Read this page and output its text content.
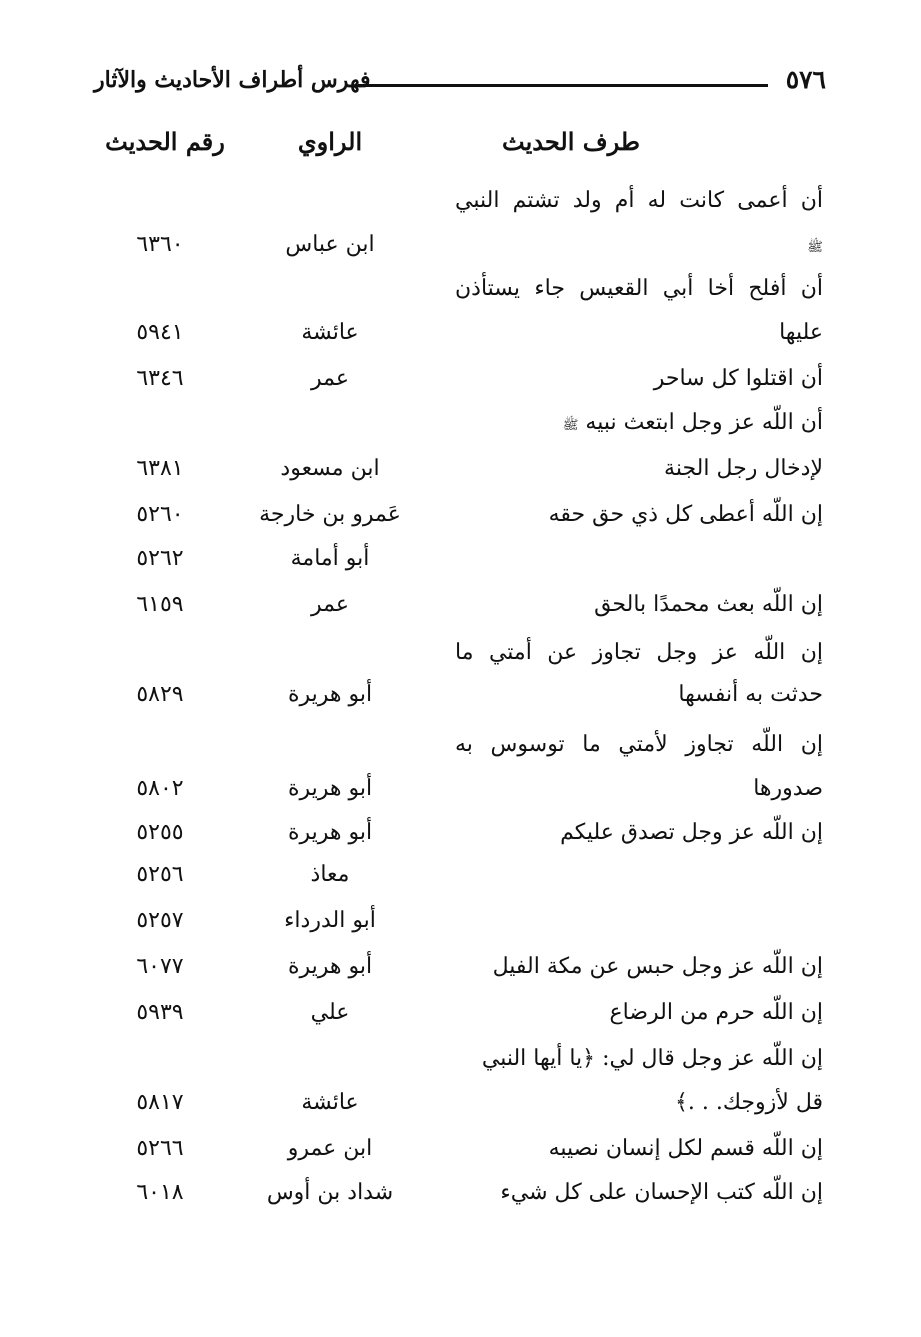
٥٧٦
فهرس أطراف الأحاديث والآثار
طرف الحديث
الراوي
رقم الحديث
أن أعمى كانت له أم ولد تشتم النبي
ﷺ
ابن عباس
٦٣٦٠
أن أفلح أخا أبي القعيس جاء يستأذن
عليها
عائشة
٥٩٤١
أن اقتلوا كل ساحر
عمر
٦٣٤٦
أن اللّه عز وجل ابتعث نبيه ﷺ
لإدخال رجل الجنة
ابن مسعود
٦٣٨١
إن اللّه أعطى كل ذي حق حقه
عَمرو بن خارجة
٥٢٦٠
أبو أمامة
٥٢٦٢
إن اللّه بعث محمدًا بالحق
عمر
٦١٥٩
إن اللّه عز وجل تجاوز عن أمتي ما
حدثت به أنفسها
أبو هريرة
٥٨٢٩
إن اللّه تجاوز لأمتي ما توسوس به
صدورها
أبو هريرة
٥٨٠٢
إن اللّه عز وجل تصدق عليكم
أبو هريرة
٥٢٥٥
معاذ
٥٢٥٦
أبو الدرداء
٥٢٥٧
إن اللّه عز وجل حبس عن مكة الفيل
أبو هريرة
٦٠٧٧
إن اللّه حرم من الرضاع
علي
٥٩٣٩
إن اللّه عز وجل قال لي: ﴿يا أيها النبي
قل لأزوجك. . .﴾
عائشة
٥٨١٧
إن اللّه قسم لكل إنسان نصيبه
ابن عمرو
٥٢٦٦
إن اللّه كتب الإحسان على كل شيء
شداد بن أوس
٦٠١٨
